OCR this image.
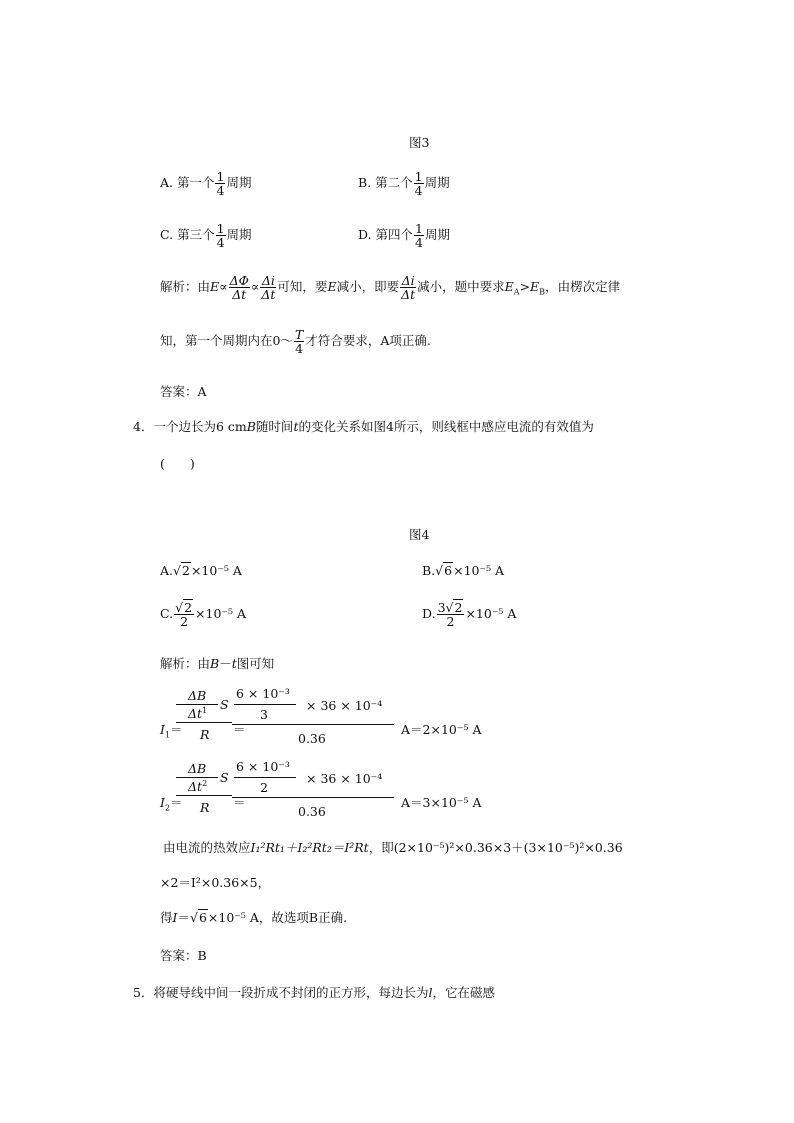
图3
A. 第一个 $\frac{1}{4}$ 周期	B. 第二个 $\frac{1}{4}$ 周期
C. 第三个 $\frac{1}{4}$ 周期	D. 第四个 $\frac{1}{4}$ 周期
解析：由$E\propto \frac{\Delta\Phi}{\Delta t} \propto \frac{\Delta i}{\Delta t}$ 可知，要E减小，即要 $\frac{\Delta i}{\Delta t}$ 减小，题中要求$E_A>E_B$，由楞次定律
知，第一个周期内在0～ $\frac{T}{4}$ 才符合要求，A项正确.
答案：A
4．一个边长为6 cmB随时间t的变化关系如图4所示，则线框中感应电流的有效值为
(　　)
图4
A.√2×10⁻⁵ A	B.√6×10⁻⁵ A
C. $\frac{√2}{2} \times 10^{-5}$ A	D. $\frac{3√2}{2} \times 10^{-5}$ A
解析：由B－t图可知
$I_1=$
ΔB
$\Delta t^1$ S
R ＝
6 × 10⁻³
3
× 36 × 10⁻⁴
0.36
A＝2×10⁻⁵ A
$I_2=$
ΔB
$\Delta t^2$ S
R ＝
6 × 10⁻³
2
× 36 × 10⁻⁴
0.36
A＝3×10⁻⁵ A
由电流的热效应I₁²Rt₁＋I₂²Rt₂＝I²Rt，即(2×10⁻⁵)²×0.36×3＋(3×10⁻⁵)²×0.36
×2＝I²×0.36×5，
得I＝√6×10⁻⁵ A，故选项B正确.
答案：B
5．将硬导线中间一段折成不封闭的正方形，每边长为l，它在磁感
